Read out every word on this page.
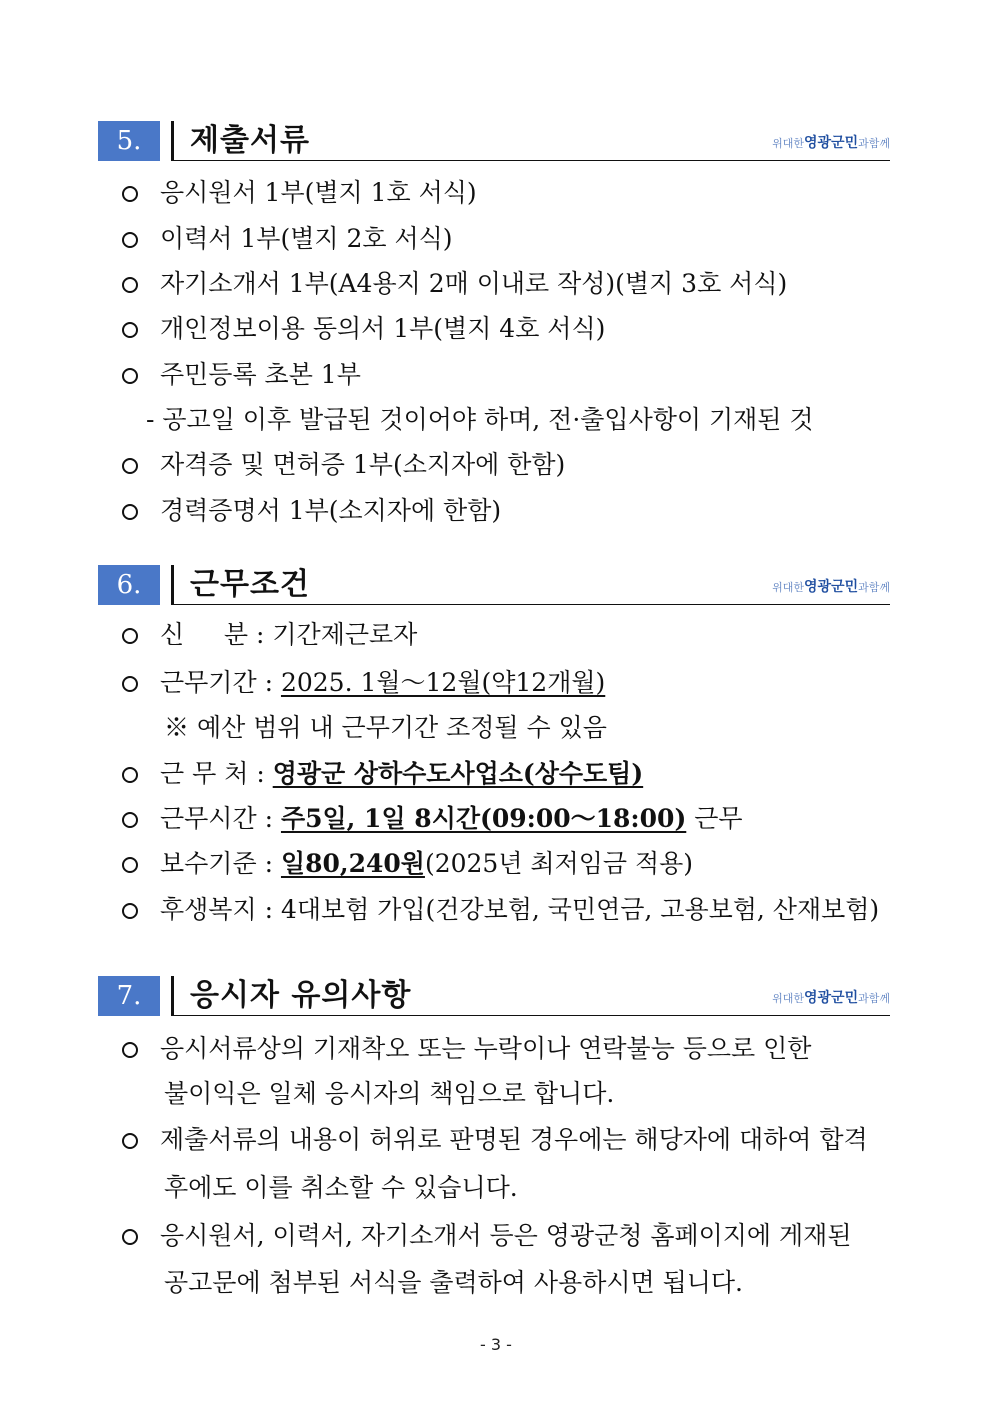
5.	제출서류	위대한영광군민과함께
응시원서 1부(별지 1호 서식)
이력서 1부(별지 2호 서식)
자기소개서 1부(A4용지 2매 이내로 작성)(별지 3호 서식)
개인정보이용 동의서 1부(별지 4호 서식)
주민등록 초본 1부
- 공고일 이후 발급된 것이어야 하며, 전·출입사항이 기재된 것
자격증 및 면허증 1부(소지자에 한함)
경력증명서 1부(소지자에 한함)
6.	근무조건	위대한영광군민과함께
신     분 : 기간제근로자
근무기간 : 2025. 1월～12월(약12개월)
※ 예산 범위 내 근무기간 조정될 수 있음
근 무 처 : 영광군 상하수도사업소(상수도팀)
근무시간 : 주5일, 1일 8시간(09:00～18:00) 근무
보수기준 : 일80,240원(2025년 최저임금 적용)
후생복지 : 4대보험 가입(건강보험, 국민연금, 고용보험, 산재보험)
7.	응시자 유의사항	위대한영광군민과함께
응시서류상의 기재착오 또는 누락이나 연락불능 등으로 인한
불이익은 일체 응시자의 책임으로 합니다.
제출서류의 내용이 허위로 판명된 경우에는 해당자에 대하여 합격
후에도 이를 취소할 수 있습니다.
응시원서, 이력서, 자기소개서 등은 영광군청 홈페이지에 게재된
공고문에 첨부된 서식을 출력하여 사용하시면 됩니다.
- 3 -
